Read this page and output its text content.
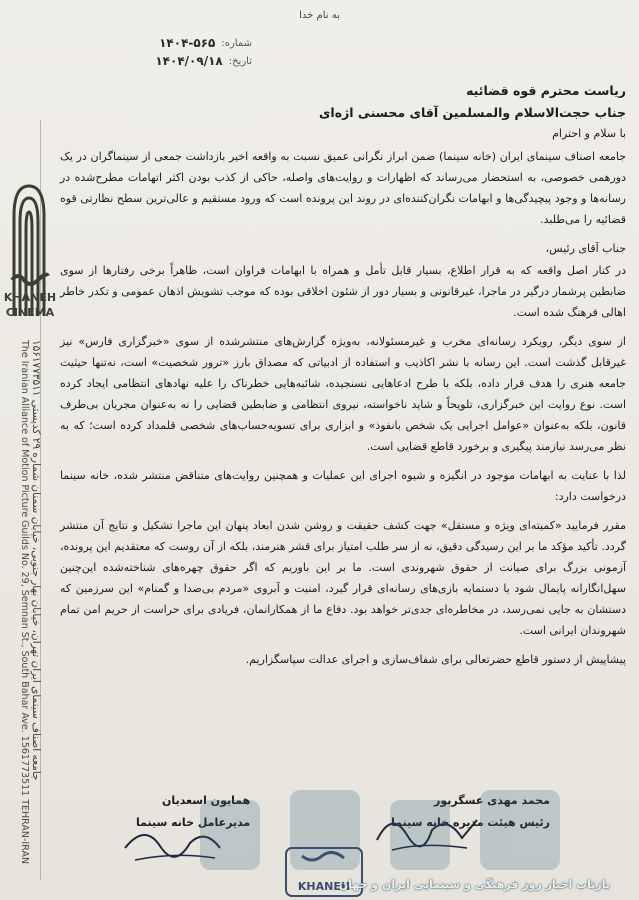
به نام خدا
شماره:
۱۴۰۴-۵۶۵
تاریخ:
۱۴۰۴/۰۹/۱۸
KHANEH
CINEMA
جامعه اصناف سینمای ایران تهران، خیابان بهار جنوبی، خیابان سمنان شماره ۲۹ کدپستی ۱۵۶۱۷۷۳۵۱۱
The Iranian Alliance of Motion Picture Guilds No. 29, Semnan St., South Bahar Ave. 1561773511 TEHRAN-IRAN

ریاست محترم قوه قضائیه

جناب حجت‌الاسلام والمسلمین آقای محسنی اژه‌ای

با سلام و احترام

جامعه اصناف سینمای ایران (خانه سینما) ضمن ابراز نگرانی عمیق نسبت به واقعه اخیر بازداشت جمعی از سینماگران در یک دورهمی خصوصی، به استحضار می‌رساند که اظهارات و روایت‌های واصله، حاکی از کذب بودن اکثر اتهامات مطرح‌شده در رسانه‌ها و وجود پیچیدگی‌ها و ابهامات نگران‌کننده‌ای در روند این پرونده است که ورود مستقیم و عالی‌ترین سطح نظارتی قوه قضائیه را می‌طلبد.

جناب آقای رئیس،

در کنار اصل واقعه که به قرار اطلاع، بسیار قابل تأمل و همراه با ابهامات فراوان است، ظاهراً برخی رفتارها از سوی ضابطین پرشمار درگیر در ماجرا، غیرقانونی و بسیار دور از شئون اخلاقی بوده که موجب تشویش اذهان عمومی و تکدر خاطر اهالی فرهنگ شده است.

از سوی دیگر، رویکرد رسانه‌ای مخرب و غیرمسئولانه، به‌ویژه گزارش‌های منتشرشده از سوی «خبرگزاری فارس» نیز غیرقابل گذشت است. این رسانه با نشر اکاذیب و استفاده از ادبیاتی که مصداق بارز «ترور شخصیت» است، نه‌تنها حیثیت جامعه هنری را هدف قرار داده، بلکه با طرح ادعاهایی نسنجیده، شائبه‌هایی خطرناک را علیه نهادهای انتظامی ایجاد کرده است. نوع روایت این خبرگزاری، تلویحاً و شاید ناخواسته، نیروی انتظامی و ضابطین قضایی را نه به‌عنوان مجریان بی‌طرف قانون، بلکه به‌عنوان «عوامل اجرایی یک شخص بانفوذ» و ابزاری برای تسویه‌حساب‌های شخصی قلمداد کرده است؛ که به نظر می‌رسد نیازمند پیگیری و برخورد قاطع قضایی است.

لذا با عنایت به ابهامات موجود در انگیزه و شیوه اجرای این عملیات و همچنین روایت‌های متناقض منتشر شده، خانه سینما درخواست دارد:

مقرر فرمایید «کمیته‌ای ویژه و مستقل» جهت کشف حقیقت و روشن شدن ابعاد پنهان این ماجرا تشکیل و نتایج آن منتشر گردد. تأکید مؤکد ما بر این رسیدگی دقیق، نه از سر طلب امتیاز برای قشر هنرمند، بلکه از آن روست که معتقدیم این پرونده، آزمونی بزرگ برای صیانت از حقوق شهروندی است. ما بر این باوریم که اگر حقوق چهره‌های شناخته‌شده این‌چنین سهل‌انگارانه پایمال شود یا دستمایه بازی‌های رسانه‌ای قرار گیرد، امنیت و آبروی «مردم بی‌صدا و گمنام» این سرزمین که دستشان به جایی نمی‌رسد، در مخاطره‌ای جدی‌تر خواهد بود. دفاع ما از همکارانمان، فریادی برای حراست از حریم امن تمام شهروندان ایرانی است.

پیشاپیش از دستور قاطع حضرتعالی برای شفاف‌سازی و اجرای عدالت سپاسگزاریم.

محمد مهدی عسگرپور
رئیس هیئت مدیره خانه سینما
همایون اسعدیان
مدیرعامل خانه سینما
KHANEH
بازتاب اخبار روز فرهنگی و سینمایی ایران و جهان
